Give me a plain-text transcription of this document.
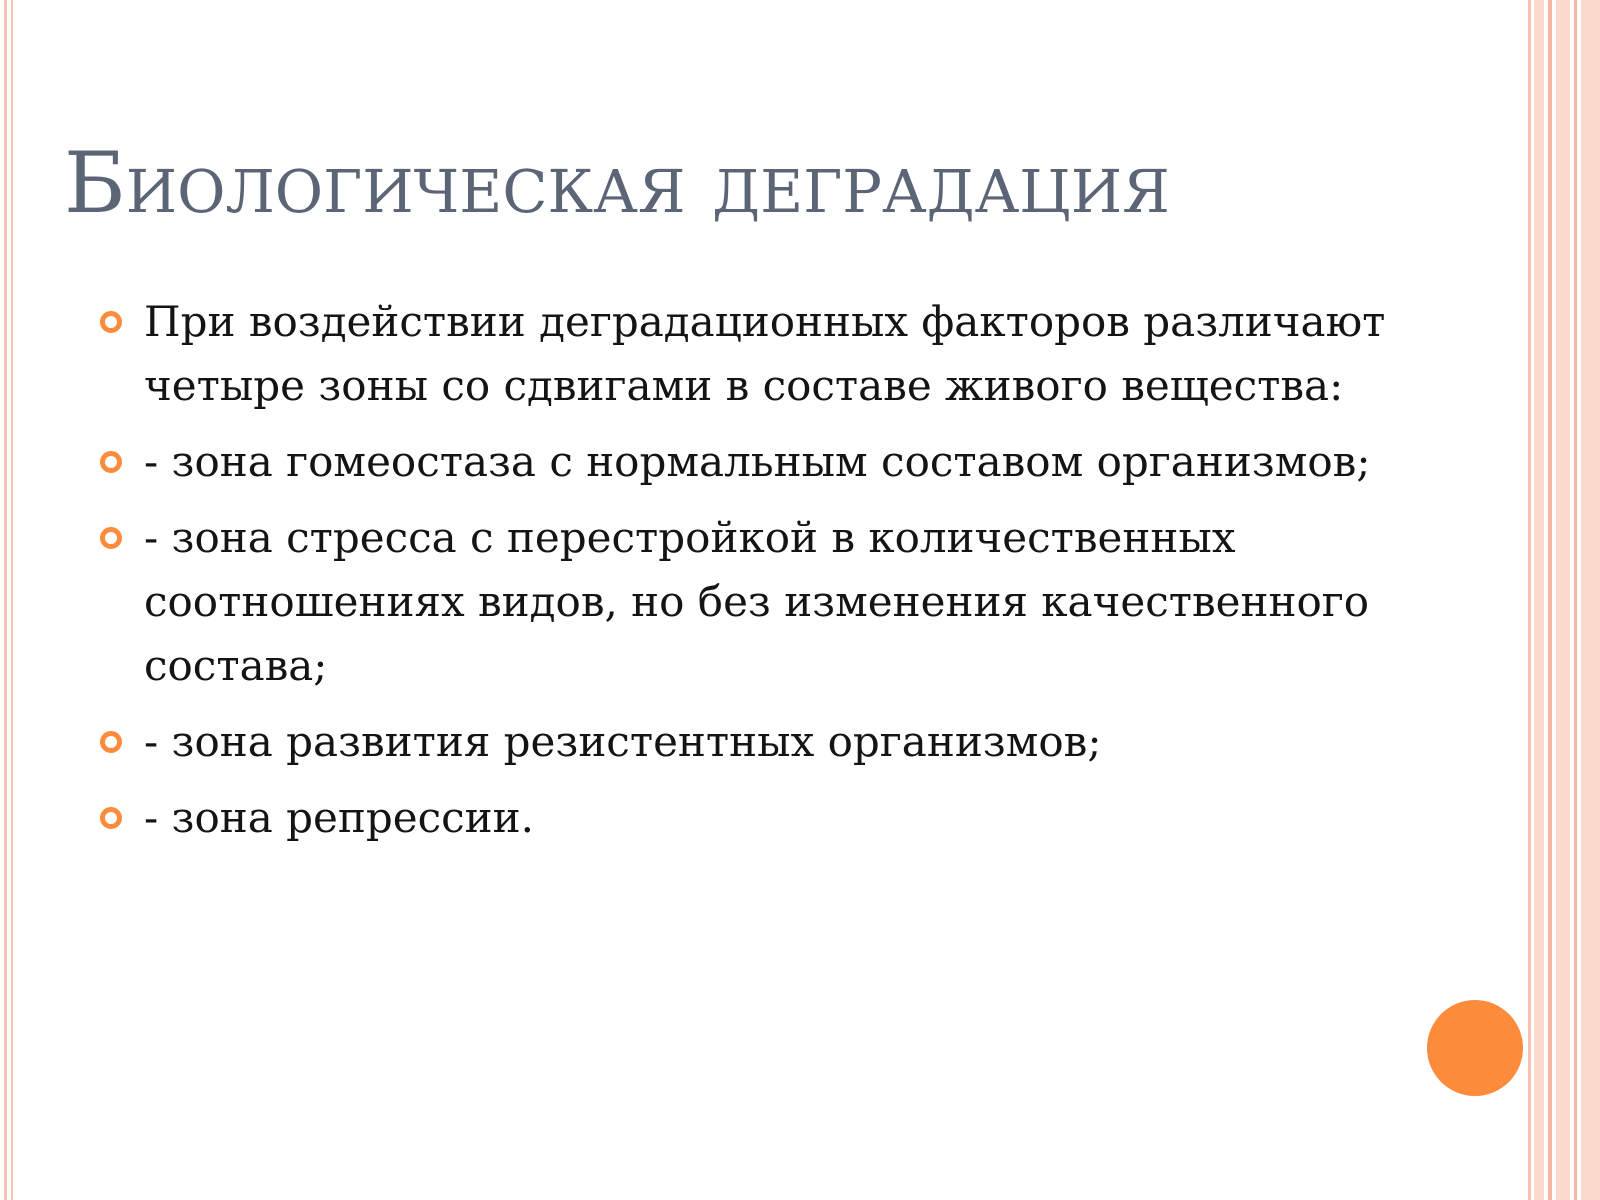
Биологическая деградация
При воздействии деградационных факторов различают четыре зоны со сдвигами в составе живого вещества:
- зона гомеостаза с нормальным составом организмов;
- зона стресса с перестройкой в количественных соотношениях видов, но без изменения качественного состава;
- зона развития резистентных организмов;
- зона репрессии.
